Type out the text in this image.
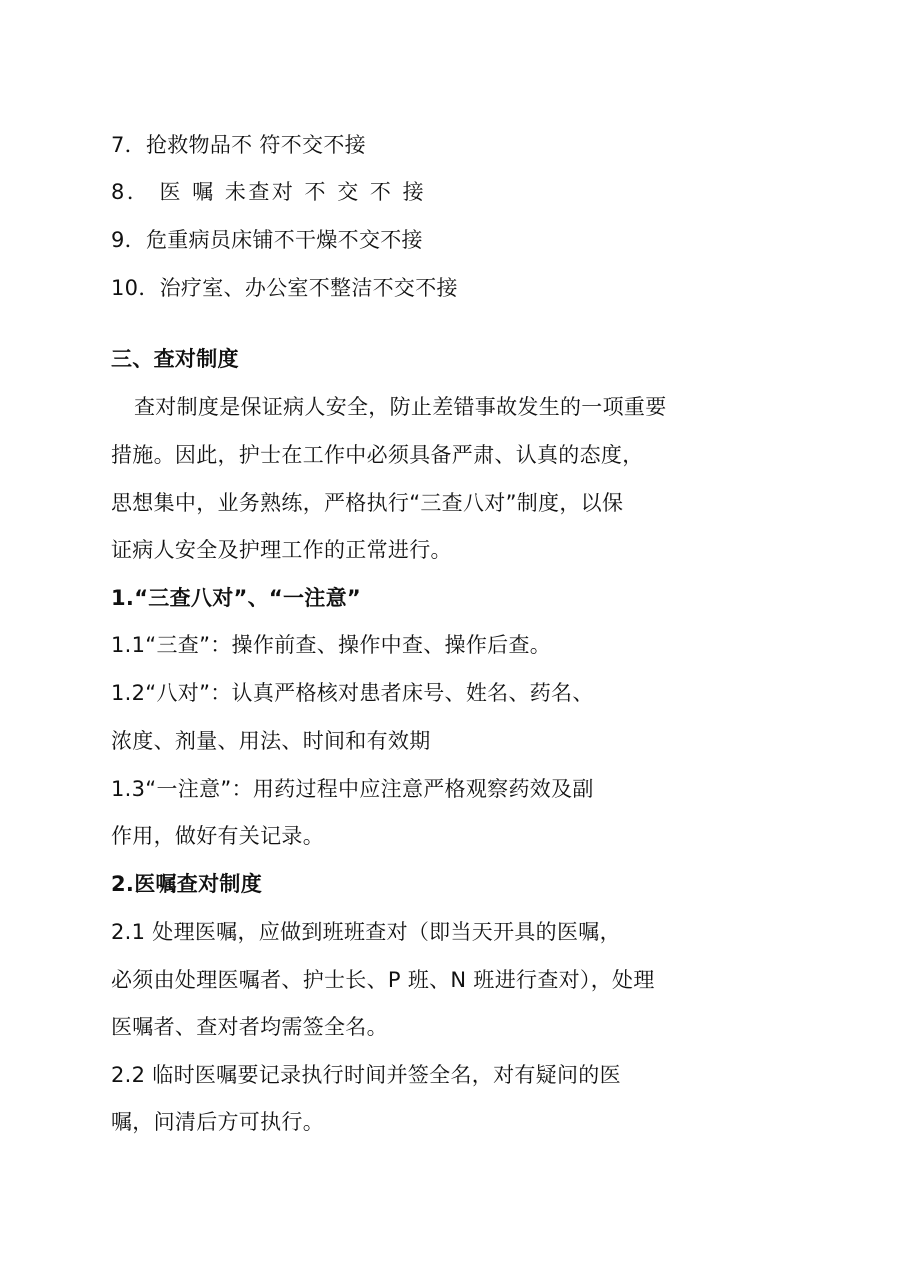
7．抢救物品不 符不交不接
8． 医 嘱 未查对 不 交 不 接
9．危重病员床铺不干燥不交不接
10．治疗室、办公室不整洁不交不接
三、查对制度
查对制度是保证病人安全，防止差错事故发生的一项重要
措施。因此，护士在工作中必须具备严肃、认真的态度，
思想集中，业务熟练，严格执行“三查八对”制度，以保
证病人安全及护理工作的正常进行。
1.“三查八对”、“一注意”
1.1“三查”：操作前查、操作中查、操作后查。
1.2“八对”：认真严格核对患者床号、姓名、药名、
浓度、剂量、用法、时间和有效期
1.3“一注意”：用药过程中应注意严格观察药效及副
作用，做好有关记录。
2.医嘱查对制度
2.1 处理医嘱，应做到班班查对（即当天开具的医嘱，
必须由处理医嘱者、护士长、P 班、N 班进行查对），处理
医嘱者、查对者均需签全名。
2.2 临时医嘱要记录执行时间并签全名，对有疑问的医
嘱，问清后方可执行。
